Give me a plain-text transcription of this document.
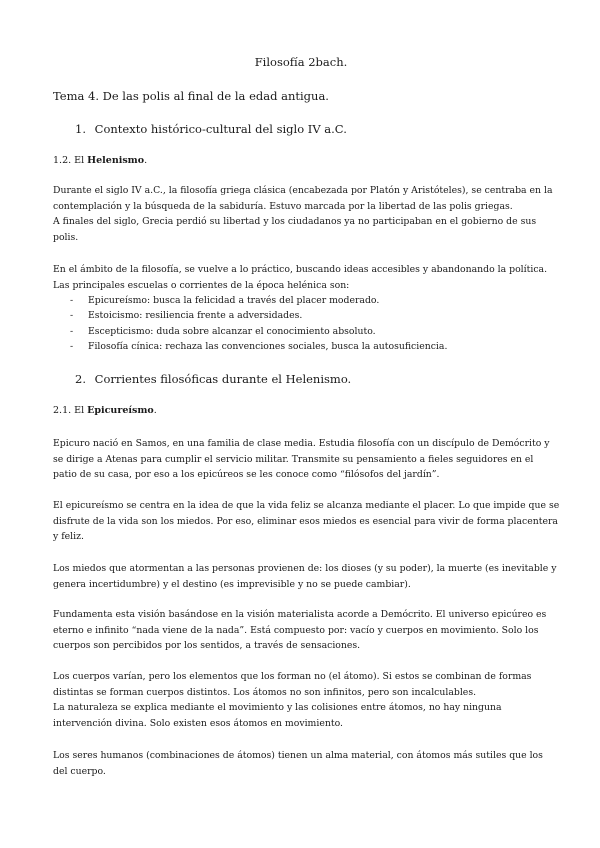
Filosofía 2bach.
Tema 4. De las polis al final de la edad antigua.
1. Contexto histórico-cultural del siglo IV a.C.
1.2. El Helenismo.
Durante el siglo IV a.C., la filosofía griega clásica (encabezada por Platón y Aristóteles), se centraba en la
contemplación y la búsqueda de la sabiduría. Estuvo marcada por la libertad de las polis griegas.
A finales del siglo, Grecia perdió su libertad y los ciudadanos ya no participaban en el gobierno de sus
polis.
En el ámbito de la filosofía, se vuelve a lo práctico, buscando ideas accesibles y abandonando la política.
Las principales escuelas o corrientes de la época helénica son:
- Epicureísmo: busca la felicidad a través del placer moderado.
- Estoicismo: resiliencia frente a adversidades.
- Escepticismo: duda sobre alcanzar el conocimiento absoluto.
- Filosofía cínica: rechaza las convenciones sociales, busca la autosuficiencia.
2. Corrientes filosóficas durante el Helenismo.
2.1. El Epicureísmo.
Epicuro nació en Samos, en una familia de clase media. Estudia filosofía con un discípulo de Demócrito y
se dirige a Atenas para cumplir el servicio militar. Transmite su pensamiento a fieles seguidores en el
patio de su casa, por eso a los epicúreos se les conoce como “filósofos del jardín”.
El epicureísmo se centra en la idea de que la vida feliz se alcanza mediante el placer. Lo que impide que se
disfrute de la vida son los miedos. Por eso, eliminar esos miedos es esencial para vivir de forma placentera
y feliz.
Los miedos que atormentan a las personas provienen de: los dioses (y su poder), la muerte (es inevitable y
genera incertidumbre) y el destino (es imprevisible y no se puede cambiar).
Fundamenta esta visión basándose en la visión materialista acorde a Demócrito. El universo epicúreo es
eterno e infinito “nada viene de la nada”. Está compuesto por: vacío y cuerpos en movimiento. Solo los
cuerpos son percibidos por los sentidos, a través de sensaciones.
Los cuerpos varían, pero los elementos que los forman no (el átomo). Si estos se combinan de formas
distintas se forman cuerpos distintos. Los átomos no son infinitos, pero son incalculables.
La naturaleza se explica mediante el movimiento y las colisiones entre átomos, no hay ninguna
intervención divina. Solo existen esos átomos en movimiento.
Los seres humanos (combinaciones de átomos) tienen un alma material, con átomos más sutiles que los
del cuerpo.
